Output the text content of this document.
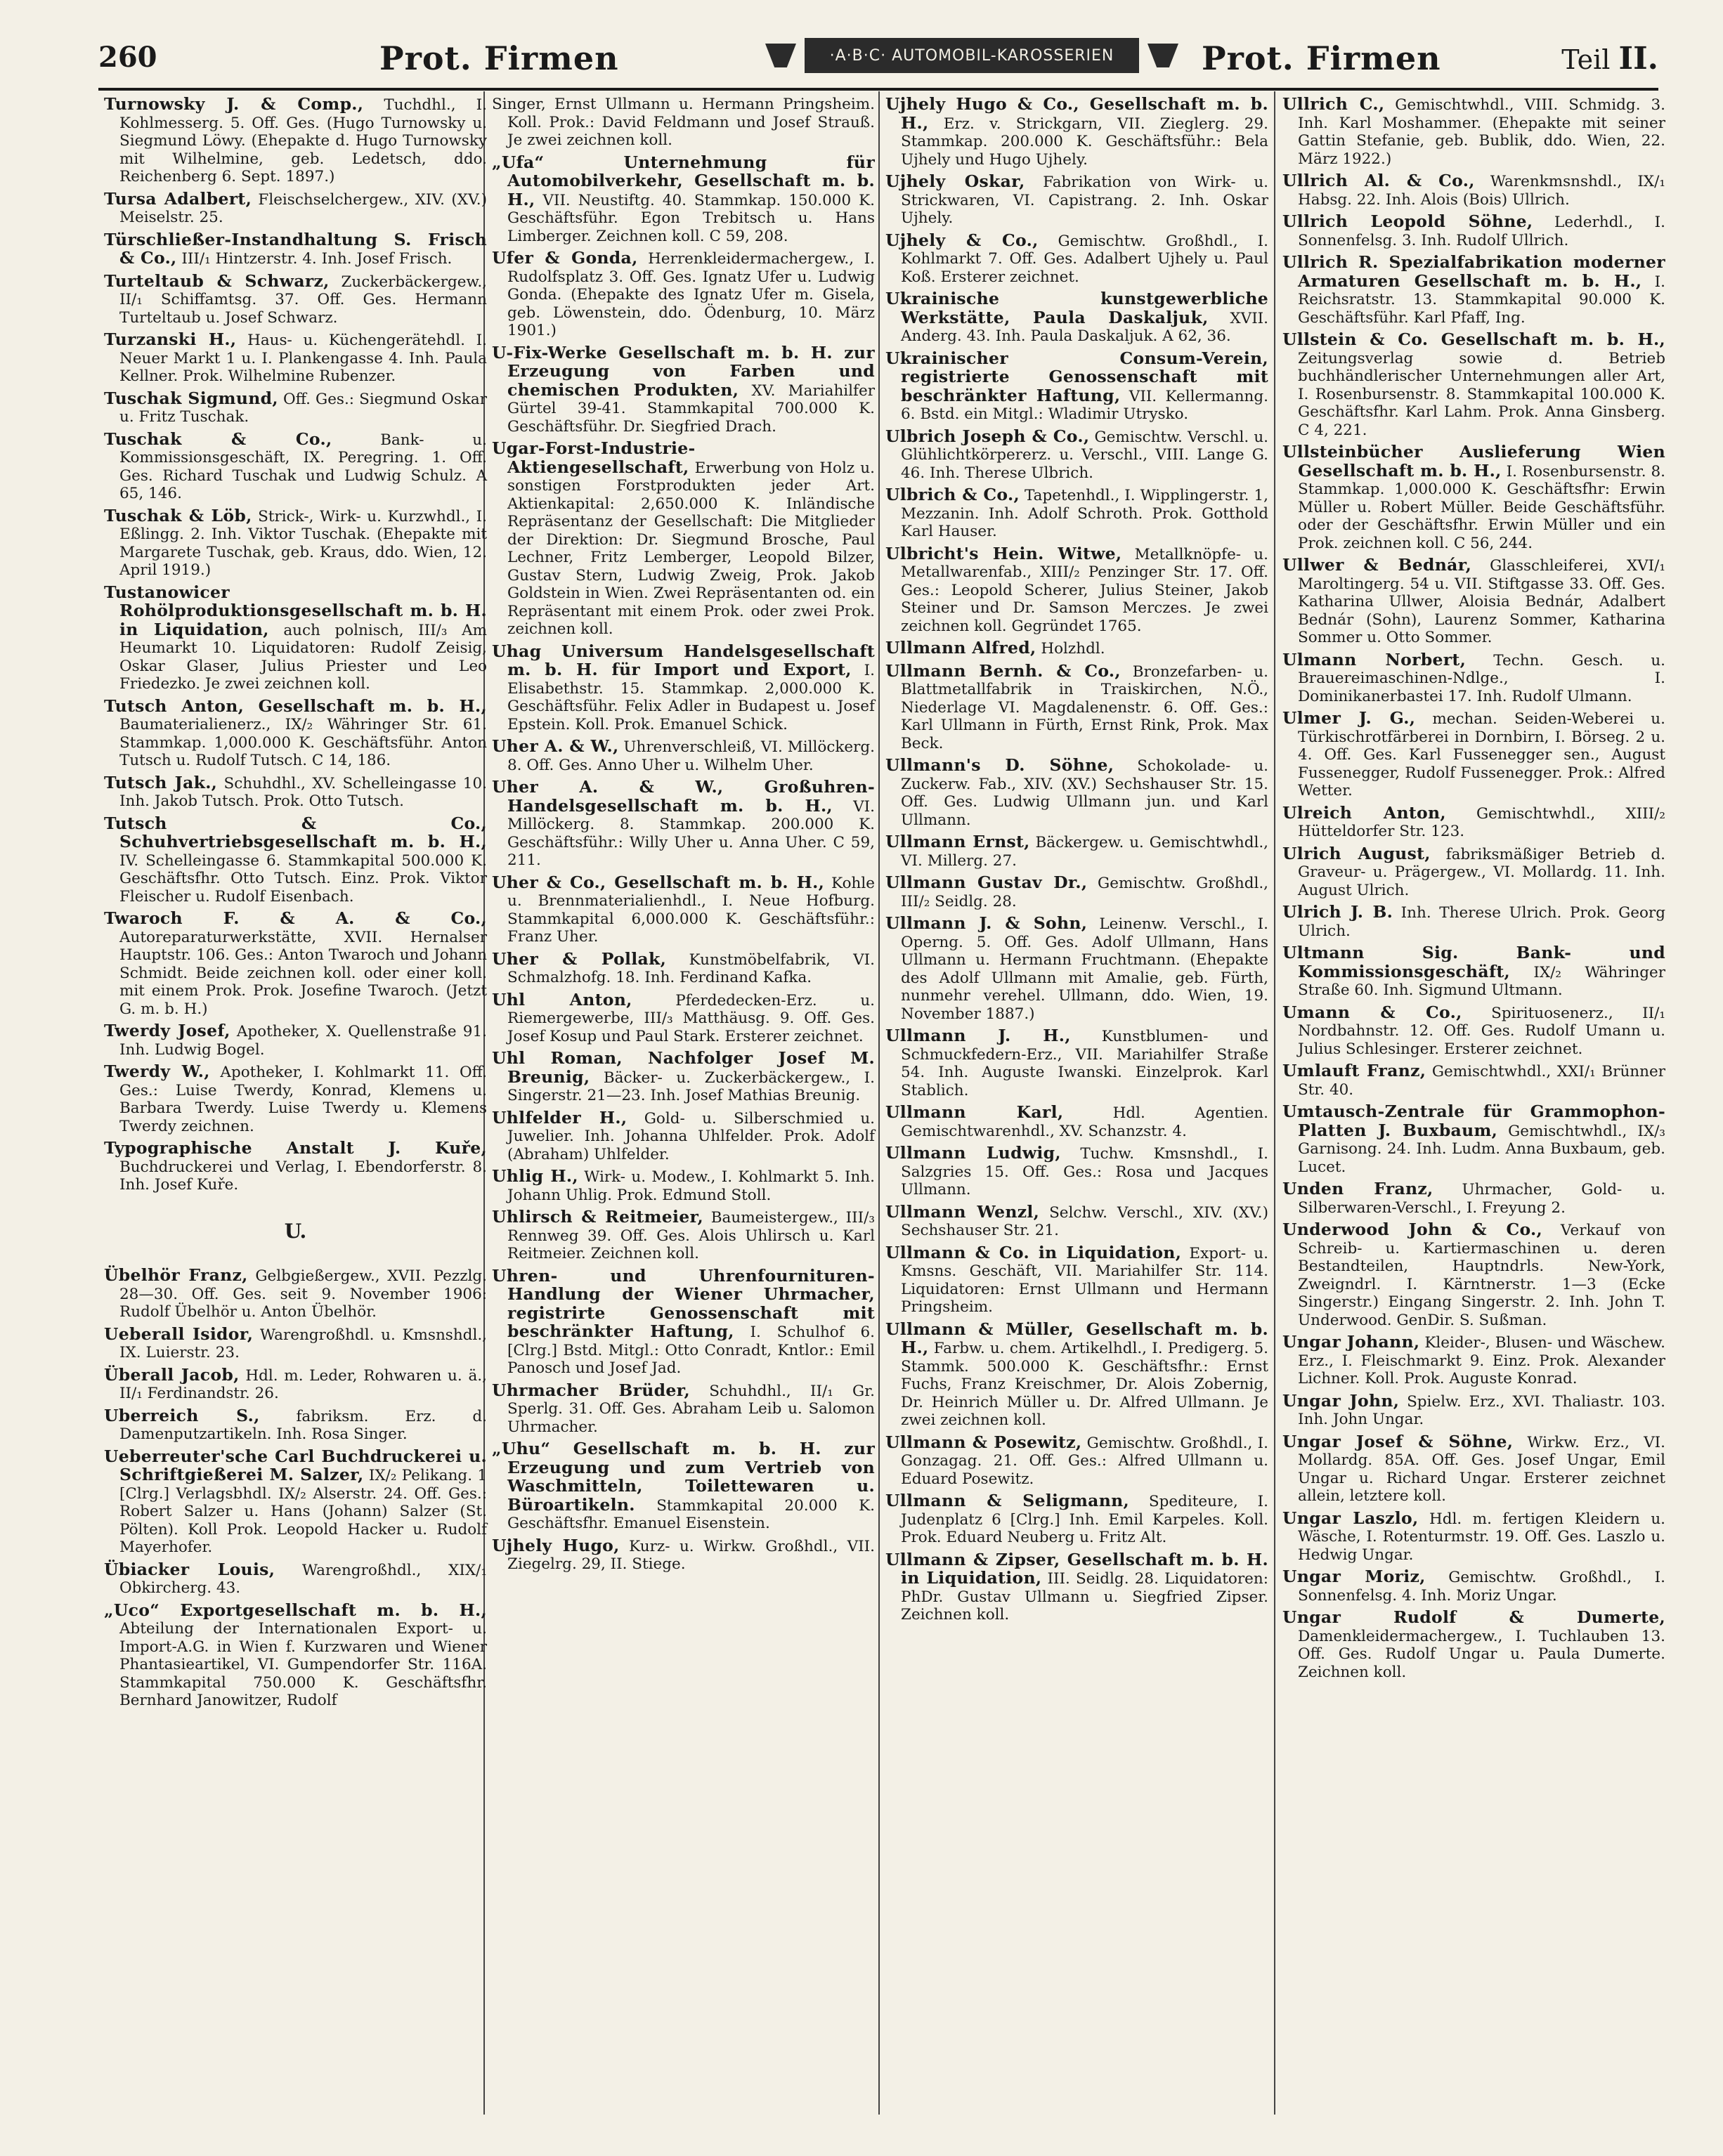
260	Prot. Firmen	·A·B·C· AUTOMOBIL-KAROSSERIEN	Prot. Firmen	Teil II.
Turnowsky J. & Comp., Tuchdhl., I. Kohlmesserg. 5. Off. Ges. (Hugo Turnowsky u. Siegmund Löwy. (Ehepakte d. Hugo Turnowsky mit Wilhelmine, geb. Ledetsch, ddo. Reichenberg 6. Sept. 1897.)
Tursa Adalbert, Fleischselchergew., XIV. (XV.) Meiselstr. 25.
Türschließer-Instandhaltung S. Frisch & Co., III/₁ Hintzerstr. 4. Inh. Josef Frisch.
Turteltaub & Schwarz, Zuckerbäckergew., II/₁ Schiffamtsg. 37. Off. Ges. Hermann Turteltaub u. Josef Schwarz.
Turzanski H., Haus- u. Küchengerätehdl. I. Neuer Markt 1 u. I. Plankengasse 4. Inh. Paula Kellner. Prok. Wilhelmine Rubenzer.
Tuschak Sigmund, Off. Ges.: Siegmund Oskar u. Fritz Tuschak.
Tuschak & Co.,	Bank- u. Kommissionsgeschäft, IX. Peregring. 1. Off. Ges. Richard Tuschak und Ludwig Schulz. A 65, 146.
Tuschak & Löb, Strick-, Wirk- u. Kurzwhdl., I. Eßlingg. 2. Inh. Viktor Tuschak. (Ehepakte mit Margarete Tuschak, geb. Kraus, ddo. Wien, 12. April 1919.)
Tustanowicer Rohölproduktionsgesellschaft m. b. H. in Liquidation, auch polnisch, III/₃ Am Heumarkt 10. Liquidatoren: Rudolf Zeisig, Oskar Glaser, Julius Priester und Leo Friedezko. Je zwei zeichnen koll.
Tutsch Anton, Gesellschaft m. b. H., Baumaterialienerz., IX/₂ Währinger Str. 61. Stammkap. 1,000.000 K. Geschäftsführ. Anton Tutsch u. Rudolf Tutsch. C 14, 186.
Tutsch Jak., Schuhdhl., XV. Schelleingasse 10. Inh. Jakob Tutsch. Prok. Otto Tutsch.
Tutsch & Co., Schuhvertriebsgesellschaft m. b. H., IV. Schelleingasse 6. Stammkapital 500.000 K. Geschäftsfhr. Otto Tutsch. Einz. Prok. Viktor Fleischer u. Rudolf Eisenbach.
Twaroch F. & A. & Co., Autoreparaturwerkstätte, XVII. Hernalser Hauptstr. 106. Ges.: Anton Twaroch und Johann Schmidt. Beide zeichnen koll. oder einer koll. mit einem Prok. Prok. Josefine Twaroch. (Jetzt G. m. b. H.)
Twerdy Josef, Apotheker, X. Quellenstraße 91. Inh. Ludwig Bogel.
Twerdy W., Apotheker, I. Kohlmarkt 11. Off. Ges.: Luise Twerdy, Konrad, Klemens u. Barbara Twerdy. Luise Twerdy u. Klemens Twerdy zeichnen.
Typographische Anstalt J. Kuře, Buchdruckerei und Verlag, I. Ebendorferstr. 8. Inh. Josef Kuře.
U.
Übelhör Franz, Gelbgießergew., XVII. Pezzlg. 28—30. Off. Ges. seit 9. November 1906: Rudolf Übelhör u. Anton Übelhör.
Ueberall Isidor, Warengroßhdl. u. Kmsnshdl., IX. Luierstr. 23.
Überall Jacob, Hdl. m. Leder, Rohwaren u. ä., II/₁ Ferdinandstr. 26.
Uberreich S., fabriksm. Erz. d. Damenputzartikeln. Inh. Rosa Singer.
Ueberreuter'sche Carl Buchdruckerei u. Schriftgießerei M. Salzer, IX/₂ Pelikang. 1 [Clrg.] Verlagsbhdl. IX/₂ Alserstr. 24. Off. Ges.: Robert Salzer u. Hans (Johann) Salzer (St. Pölten). Koll Prok. Leopold Hacker u. Rudolf Mayerhofer.
Übiacker Louis, Warengroßhdl., XIX/₁ Obkircherg. 43.
„Uco“ Exportgesellschaft m. b. H., Abteilung der Internationalen Export- u. Import-A.G. in Wien f. Kurzwaren und Wiener Phantasieartikel, VI. Gumpendorfer Str. 116A. Stammkapital 750.000 K. Geschäftsfhr. Bernhard Janowitzer, Rudolf
Singer, Ernst Ullmann u. Hermann Pringsheim. Koll. Prok.: David Feldmann und Josef Strauß. Je zwei zeichnen koll.
„Ufa“ Unternehmung für Automobilverkehr, Gesellschaft m. b. H., VII. Neustiftg. 40. Stammkap. 150.000 K. Geschäftsführ. Egon Trebitsch u. Hans Limberger. Zeichnen koll. C 59, 208.
Ufer & Gonda, Herrenkleidermachergew., I. Rudolfsplatz 3. Off. Ges. Ignatz Ufer u. Ludwig Gonda. (Ehepakte des Ignatz Ufer m. Gisela, geb. Löwenstein, ddo. Ödenburg, 10. März 1901.)
U-Fix-Werke Gesellschaft m. b. H. zur Erzeugung von Farben und chemischen Produkten, XV. Mariahilfer Gürtel 39-41. Stammkapital 700.000 K. Geschäftsführ. Dr. Siegfried Drach.
Ugar-Forst-Industrie-Aktiengesellschaft, Erwerbung von Holz u. sonstigen Forstprodukten jeder Art. Aktienkapital: 2,650.000 K. Inländische Repräsentanz der Gesellschaft: Die Mitglieder der Direktion: Dr. Siegmund Brosche, Paul Lechner, Fritz Lemberger, Leopold Bilzer, Gustav Stern, Ludwig Zweig, Prok. Jakob Goldstein in Wien. Zwei Repräsentanten od. ein Repräsentant mit einem Prok. oder zwei Prok. zeichnen koll.
Uhag Universum Handelsgesellschaft m. b. H. für Import und Export, I. Elisabethstr. 15. Stammkap. 2,000.000 K. Geschäftsführ. Felix Adler in Budapest u. Josef Epstein. Koll. Prok. Emanuel Schick.
Uher A. & W., Uhrenverschleiß, VI. Millöckerg. 8. Off. Ges. Anno Uher u. Wilhelm Uher.
Uher A. & W., Großuhren-Handelsgesellschaft m. b. H., VI. Millöckerg. 8. Stammkap. 200.000 K. Geschäftsführ.: Willy Uher u. Anna Uher. C 59, 211.
Uher & Co., Gesellschaft m. b. H., Kohle u. Brennmaterialienhdl., I. Neue Hofburg. Stammkapital 6,000.000 K. Geschäftsführ.: Franz Uher.
Uher & Pollak, Kunstmöbelfabrik, VI. Schmalzhofg. 18. Inh. Ferdinand Kafka.
Uhl Anton,	Pferdedecken-Erz. u. Riemergewerbe, III/₃ Matthäusg. 9. Off. Ges. Josef Kosup und Paul Stark. Ersterer zeichnet.
Uhl Roman, Nachfolger Josef M. Breunig, Bäcker- u. Zuckerbäckergew., I. Singerstr. 21—23. Inh. Josef Mathias Breunig.
Uhlfelder H., Gold- u. Silberschmied u. Juwelier. Inh. Johanna Uhlfelder. Prok. Adolf (Abraham) Uhlfelder.
Uhlig H., Wirk- u. Modew., I. Kohlmarkt 5. Inh. Johann Uhlig. Prok. Edmund Stoll.
Uhlirsch & Reitmeier, Baumeistergew., III/₃ Rennweg 39. Off. Ges. Alois Uhlirsch u. Karl Reitmeier. Zeichnen koll.
Uhren- und Uhrenfournituren-Handlung der Wiener Uhrmacher, registrirte Genossenschaft mit beschränkter Haftung, I. Schulhof 6. [Clrg.] Bstd. Mitgl.: Otto Conradt, Kntlor.: Emil Panosch und Josef Jad.
Uhrmacher Brüder, Schuhdhl., II/₁ Gr. Sperlg. 31. Off. Ges. Abraham Leib u. Salomon Uhrmacher.
„Uhu“ Gesellschaft m. b. H. zur Erzeugung und zum Vertrieb von Waschmitteln, Toilettewaren u. Büroartikeln. Stammkapital 20.000 K. Geschäftsfhr. Emanuel Eisenstein.
Ujhely Hugo, Kurz- u. Wirkw. Großhdl., VII. Ziegelrg. 29, II. Stiege.
Ujhely Hugo & Co., Gesellschaft m. b. H., Erz. v. Strickgarn, VII. Zieglerg. 29. Stammkap. 200.000 K. Geschäftsführ.: Bela Ujhely und Hugo Ujhely.
Ujhely Oskar, Fabrikation von Wirk- u. Strickwaren, VI. Capistrang. 2. Inh. Oskar Ujhely.
Ujhely & Co., Gemischtw. Großhdl., I. Kohlmarkt 7. Off. Ges. Adalbert Ujhely u. Paul Koß. Ersterer zeichnet.
Ukrainische kunstgewerbliche Werkstätte, Paula Daskaljuk, XVII. Anderg. 43. Inh. Paula Daskaljuk. A 62, 36.
Ukrainischer Consum-Verein, registrierte Genossenschaft mit beschränkter Haftung, VII. Kellermanng. 6. Bstd. ein Mitgl.: Wladimir Utrysko.
Ulbrich Joseph & Co., Gemischtw. Verschl. u. Glühlichtkörpererz. u. Verschl., VIII. Lange G. 46. Inh. Therese Ulbrich.
Ulbrich & Co., Tapetenhdl., I. Wipplingerstr. 1, Mezzanin. Inh. Adolf Schroth. Prok. Gotthold Karl Hauser.
Ulbricht's Hein. Witwe, Metallknöpfe- u. Metallwarenfab., XIII/₂ Penzinger Str. 17. Off. Ges.: Leopold Scherer, Julius Steiner, Jakob Steiner und Dr. Samson Merczes. Je zwei zeichnen koll. Gegründet 1765.
Ullmann Alfred, Holzhdl.
Ullmann Bernh. & Co., Bronzefarben- u. Blattmetallfabrik in Traiskirchen, N.Ö., Niederlage VI. Magdalenenstr. 6. Off. Ges.: Karl Ullmann in Fürth, Ernst Rink, Prok. Max Beck.
Ullmann's D. Söhne, Schokolade- u. Zuckerw. Fab., XIV. (XV.) Sechshauser Str. 15. Off. Ges. Ludwig Ullmann jun. und Karl Ullmann.
Ullmann Ernst, Bäckergew. u. Gemischtwhdl., VI. Millerg. 27.
Ullmann Gustav Dr., Gemischtw. Großhdl., III/₂ Seidlg. 28.
Ullmann J. & Sohn, Leinenw. Verschl., I. Operng. 5. Off. Ges. Adolf Ullmann, Hans Ullmann u. Hermann Fruchtmann. (Ehepakte des Adolf Ullmann mit Amalie, geb. Fürth, nunmehr verehel. Ullmann, ddo. Wien, 19. November 1887.)
Ullmann J. H., Kunstblumen- und Schmuckfedern-Erz., VII. Mariahilfer Straße 54. Inh. Auguste Iwanski. Einzelprok. Karl Stablich.
Ullmann Karl,	Hdl. Agentien. Gemischtwarenhdl., XV. Schanzstr. 4.
Ullmann Ludwig, Tuchw. Kmsnshdl., I. Salzgries 15. Off. Ges.: Rosa und Jacques Ullmann.
Ullmann Wenzl, Selchw. Verschl., XIV. (XV.) Sechshauser Str. 21.
Ullmann & Co. in Liquidation, Export- u. Kmsns. Geschäft, VII. Mariahilfer Str. 114. Liquidatoren: Ernst Ullmann und Hermann Pringsheim.
Ullmann & Müller, Gesellschaft m. b. H., Farbw. u. chem. Artikelhdl., I. Predigerg. 5. Stammk. 500.000 K. Geschäftsfhr.: Ernst Fuchs, Franz Kreischmer, Dr. Alois Zobernig, Dr. Heinrich Müller u. Dr. Alfred Ullmann. Je zwei zeichnen koll.
Ullmann & Posewitz, Gemischtw. Großhdl., I. Gonzagag. 21. Off. Ges.: Alfred Ullmann u. Eduard Posewitz.
Ullmann & Seligmann, Spediteure, I. Judenplatz 6 [Clrg.] Inh. Emil Karpeles. Koll. Prok. Eduard Neuberg u. Fritz Alt.
Ullmann & Zipser, Gesellschaft m. b. H. in Liquidation, III. Seidlg. 28. Liquidatoren: PhDr. Gustav Ullmann u. Siegfried Zipser. Zeichnen koll.
Ullrich C., Gemischtwhdl., VIII. Schmidg. 3. Inh. Karl Moshammer. (Ehepakte mit seiner Gattin Stefanie, geb. Bublik, ddo. Wien, 22. März 1922.)
Ullrich Al. & Co., Warenkmsnshdl., IX/₁ Habsg. 22. Inh. Alois (Bois) Ullrich.
Ullrich Leopold Söhne, Lederhdl., I. Sonnenfelsg. 3. Inh. Rudolf Ullrich.
Ullrich R. Spezialfabrikation moderner Armaturen Gesellschaft m. b. H., I. Reichsratstr. 13. Stammkapital 90.000 K. Geschäftsführ. Karl Pfaff, Ing.
Ullstein & Co. Gesellschaft m. b. H., Zeitungsverlag sowie d. Betrieb buchhändlerischer Unternehmungen aller Art, I. Rosenbursenstr. 8. Stammkapital 100.000 K. Geschäftsfhr. Karl Lahm. Prok. Anna Ginsberg. C 4, 221.
Ullsteinbücher Auslieferung Wien Gesellschaft m. b. H., I. Rosenbursenstr. 8. Stammkap. 1,000.000 K. Geschäftsfhr: Erwin Müller u. Robert Müller. Beide Geschäftsführ. oder der Geschäftsfhr. Erwin Müller und ein Prok. zeichnen koll. C 56, 244.
Ullwer & Bednár, Glasschleiferei, XVI/₁ Maroltingerg. 54 u. VII. Stiftgasse 33. Off. Ges. Katharina Ullwer, Aloisia Bednár, Adalbert Bednár (Sohn), Laurenz Sommer, Katharina Sommer u. Otto Sommer.
Ulmann Norbert, Techn. Gesch. u. Brauereimaschinen-Ndlge., I. Dominikanerbastei 17. Inh. Rudolf Ulmann.
Ulmer J. G., mechan. Seiden-Weberei u. Türkischrotfärberei in Dornbirn, I. Börseg. 2 u. 4. Off. Ges. Karl Fussenegger sen., August Fussenegger, Rudolf Fussenegger. Prok.: Alfred Wetter.
Ulreich Anton, Gemischtwhdl., XIII/₂ Hütteldorfer Str. 123.
Ulrich August, fabriksmäßiger Betrieb d. Graveur- u. Prägergew., VI. Mollardg. 11. Inh. August Ulrich.
Ulrich J. B. Inh. Therese Ulrich. Prok. Georg Ulrich.
Ultmann Sig. Bank- und Kommissionsgeschäft, IX/₂ Währinger Straße 60. Inh. Sigmund Ultmann.
Umann & Co., Spirituosenerz., II/₁ Nordbahnstr. 12. Off. Ges. Rudolf Umann u. Julius Schlesinger. Ersterer zeichnet.
Umlauft Franz, Gemischtwhdl., XXI/₁ Brünner Str. 40.
Umtausch-Zentrale für Grammophon-Platten J. Buxbaum, Gemischtwhdl., IX/₃ Garnisong. 24. Inh. Ludm. Anna Buxbaum, geb. Lucet.
Unden Franz, Uhrmacher, Gold- u. Silberwaren-Verschl., I. Freyung 2.
Underwood John & Co., Verkauf von Schreib- u. Kartiermaschinen u. deren Bestandteilen, Hauptndrls. New-York, Zweigndrl. I. Kärntnerstr. 1—3 (Ecke Singerstr.) Eingang Singerstr. 2. Inh. John T. Underwood. GenDir. S. Sußman.
Ungar Johann, Kleider-, Blusen- und Wäschew. Erz., I. Fleischmarkt 9. Einz. Prok. Alexander Lichner. Koll. Prok. Auguste Konrad.
Ungar John, Spielw. Erz., XVI. Thaliastr. 103. Inh. John Ungar.
Ungar Josef & Söhne, Wirkw. Erz., VI. Mollardg. 85A. Off. Ges. Josef Ungar, Emil Ungar u. Richard Ungar. Ersterer zeichnet allein, letztere koll.
Ungar Laszlo, Hdl. m. fertigen Kleidern u. Wäsche, I. Rotenturmstr. 19. Off. Ges. Laszlo u. Hedwig Ungar.
Ungar Moriz, Gemischtw. Großhdl., I. Sonnenfelsg. 4. Inh. Moriz Ungar.
Ungar Rudolf & Dumerte, Damenkleidermachergew., I. Tuchlauben 13. Off. Ges. Rudolf Ungar u. Paula Dumerte. Zeichnen koll.
